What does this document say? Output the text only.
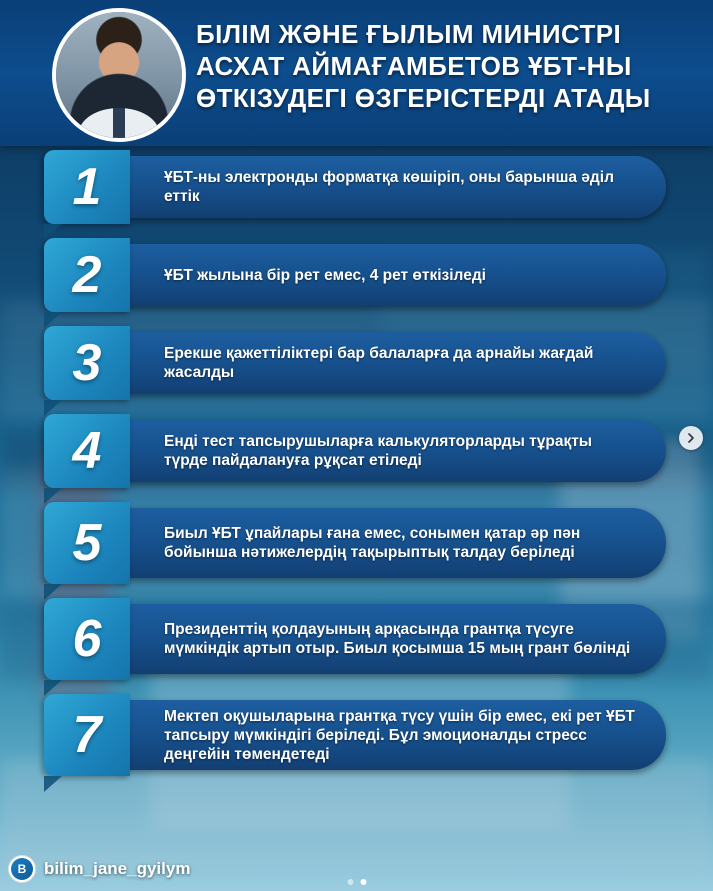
БІЛІМ ЖӘНЕ ҒЫЛЫМ МИНИСТРІ АСХАТ АЙМАҒАМБЕТОВ ҰБТ-НЫ ӨТКІЗУДЕГІ ӨЗГЕРІСТЕРДІ АТАДЫ
1	ҰБТ-ны электронды форматқа көшіріп, оны барынша әділ еттік

2	ҰБТ жылына бір рет емес, 4 рет өткізіледі

3	Ерекше қажеттіліктері бар балаларға да арнайы жағдай жасалды

4	Енді тест тапсырушыларға калькуляторларды тұрақты түрде пайдалануға рұқсат етіледі

5	Биыл ҰБТ ұпайлары ғана емес, сонымен қатар әр пән бойынша нәтижелердің тақырыптық талдау беріледі

6	Президенттің қолдауының арқасында грантқа түсуге мүмкіндік артып отыр. Биыл қосымша 15 мың грант бөлінді

7	Мектеп оқушыларына грантқа түсу үшін бір емес, екі рет ҰБТ тапсыру мүмкіндігі беріледі. Бұл эмоционалды стресс деңгейін төмендетеді

B	bilim_jane_gyilym
